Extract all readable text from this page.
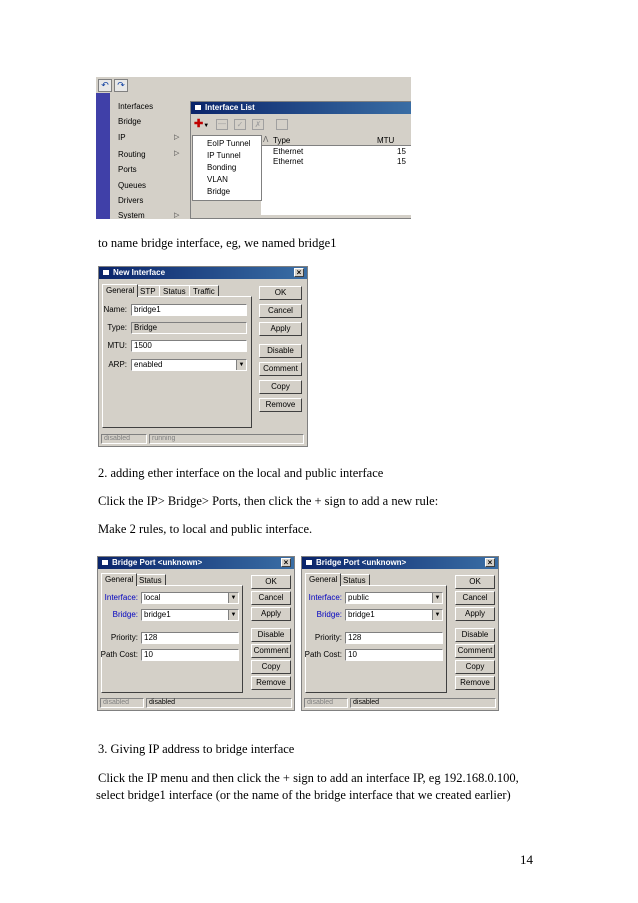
↶ ↷
Interfaces
Bridge
IP	▷
Routing	▷
Ports
Queues
Drivers
System	▷
Interface List
✚▼	—	✓	✗
Λ Type	MTU
Ethernet	15
Ethernet	15
EoIP Tunnel
IP Tunnel
Bonding
VLAN
Bridge
to name bridge interface, eg, we named bridge1
New Interface	×
General STP Status Traffic
Name: bridge1
Type: Bridge
MTU: 1500
ARP: enabled	▼
OK
Cancel
Apply
Disable
Comment
Copy
Remove
disabled	running
2. adding ether interface on the local and public interface
Click the IP> Bridge> Ports, then click the + sign to add a new rule:
Make 2 rules, to local and public interface.
Bridge Port <unknown>	×
General Status
Interface: local	▼
Bridge: bridge1	▼
Priority: 128
Path Cost: 10
OK
Cancel
Apply
Disable
Comment
Copy
Remove
disabled	disabled
Bridge Port <unknown>	×
General Status
Interface: public	▼
Bridge: bridge1	▼
Priority: 128
Path Cost: 10
OK
Cancel
Apply
Disable
Comment
Copy
Remove
disabled	disabled
3. Giving IP address to bridge interface
Click the IP menu and then click the + sign to add an interface IP, eg 192.168.0.100,
select bridge1 interface (or the name of the bridge interface that we created earlier)
14
